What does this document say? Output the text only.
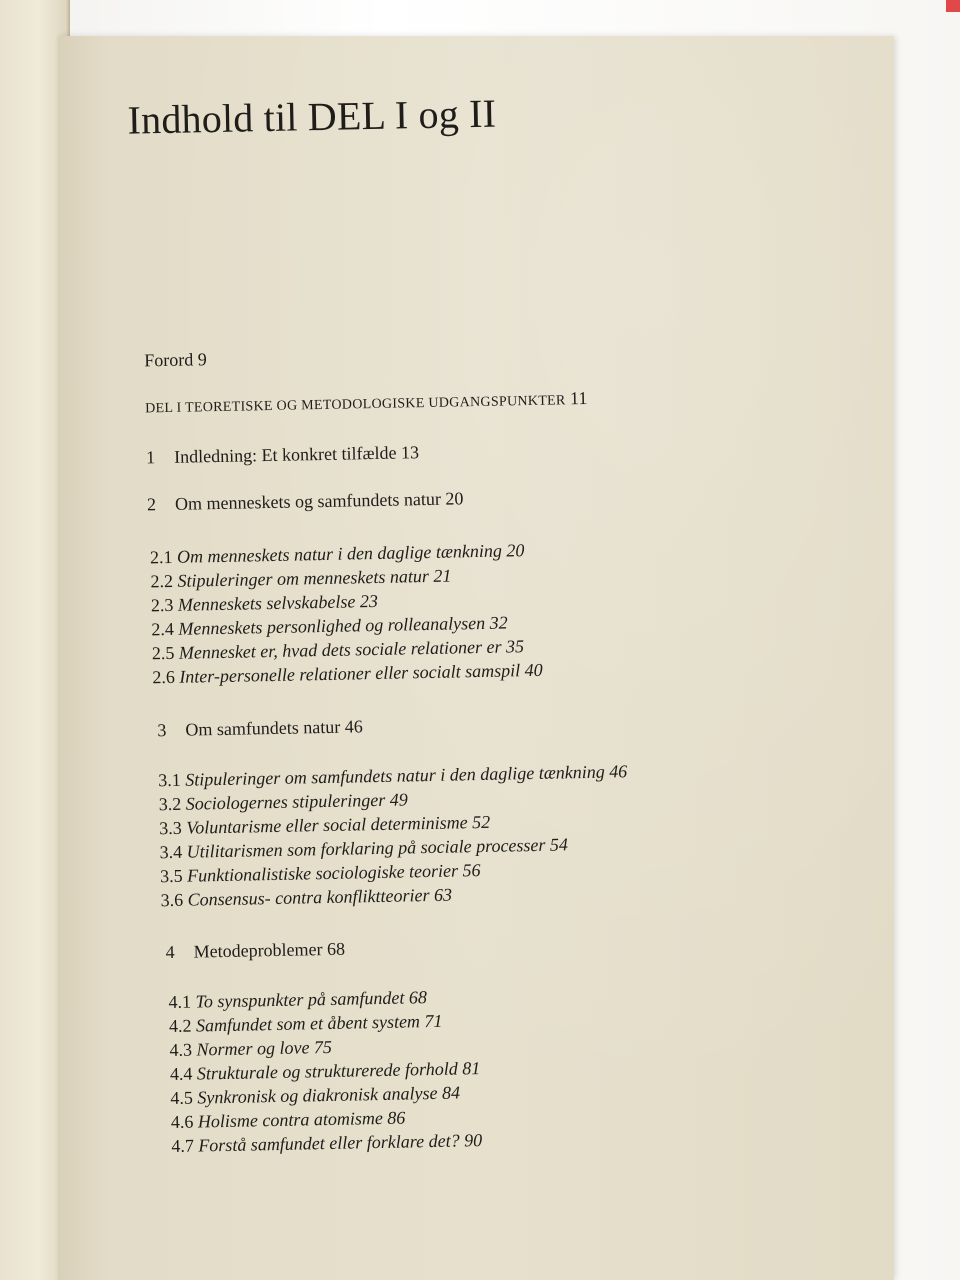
Indhold til DEL I og II
Forord 9
DEL I TEORETISKE OG METODOLOGISKE UDGANGSPUNKTER 11
1 Indledning: Et konkret tilfælde 13
2 Om menneskets og samfundets natur 20
2.1 Om menneskets natur i den daglige tænkning 20
2.2 Stipuleringer om menneskets natur 21
2.3 Menneskets selvskabelse 23
2.4 Menneskets personlighed og rolleanalysen 32
2.5 Mennesket er, hvad dets sociale relationer er 35
2.6 Inter-personelle relationer eller socialt samspil 40
3 Om samfundets natur 46
3.1 Stipuleringer om samfundets natur i den daglige tænkning 46
3.2 Sociologernes stipuleringer 49
3.3 Voluntarisme eller social determinisme 52
3.4 Utilitarismen som forklaring på sociale processer 54
3.5 Funktionalistiske sociologiske teorier 56
3.6 Consensus- contra konfliktteorier 63
4 Metodeproblemer 68
4.1 To synspunkter på samfundet 68
4.2 Samfundet som et åbent system 71
4.3 Normer og love 75
4.4 Strukturale og strukturerede forhold 81
4.5 Synkronisk og diakronisk analyse 84
4.6 Holisme contra atomisme 86
4.7 Forstå samfundet eller forklare det? 90
